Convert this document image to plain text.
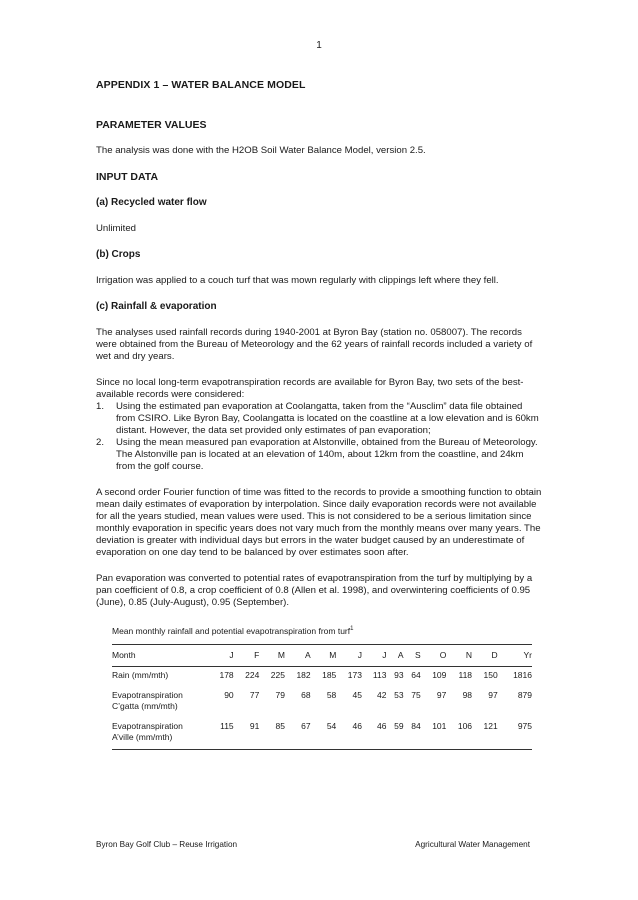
1
APPENDIX 1 – WATER BALANCE MODEL
PARAMETER VALUES

The analysis was done with the H2OB Soil Water Balance Model, version 2.5.

INPUT DATA
(a) Recycled water flow

Unlimited

(b) Crops

Irrigation was applied to a couch turf that was mown regularly with clippings left where they fell.

(c) Rainfall & evaporation

The analyses used rainfall records during 1940-2001 at Byron Bay (station no. 058007). The records were obtained from the Bureau of Meteorology and the 62 years of rainfall records included a variety of wet and dry years.

Since no local long-term evapotranspiration records are available for Byron Bay, two sets of the best-available records were considered:

1. Using the estimated pan evaporation at Coolangatta, taken from the “Ausclim” data file obtained from CSIRO. Like Byron Bay, Coolangatta is located on the coastline at a low elevation and is 60km distant. However, the data set provided only estimates of pan evaporation;
2. Using the mean measured pan evaporation at Alstonville, obtained from the Bureau of Meteorology. The Alstonville pan is located at an elevation of 140m, about 12km from the coastline, and 24km from the golf course.

A second order Fourier function of time was fitted to the records to provide a smoothing function to obtain mean daily estimates of evaporation by interpolation. Since daily evaporation records were not available for all the years studied, mean values were used. This is not considered to be a serious limitation since monthly evaporation in specific years does not vary much from the monthly means over many years. The deviation is greater with individual days but errors in the water budget caused by an underestimate of evaporation on one day tend to be balanced by over estimates soon after.

Pan evaporation was converted to potential rates of evapotranspiration from the turf by multiplying by a pan coefficient of 0.8, a crop coefficient of 0.8 (Allen et al. 1998), and overwintering coefficients of 0.95 (June), 0.85 (July-August), 0.95 (September).

Mean monthly rainfall and potential evapotranspiration from turf$^1$
Month	J	F	M	A	M	J	J	A	S	O	N	D	Yr
Rain (mm/mth)	178	224	225	182	185	173	113	93	64	109	118	150	1816
Evapotranspiration
C’gatta (mm/mth)	90	77	79	68	58	45	42	53	75	97	98	97	879
Evapotranspiration
A’ville (mm/mth)	115	91	85	67	54	46	46	59	84	101	106	121	975
Byron Bay Golf Club – Reuse Irrigation	Agricultural Water Management
